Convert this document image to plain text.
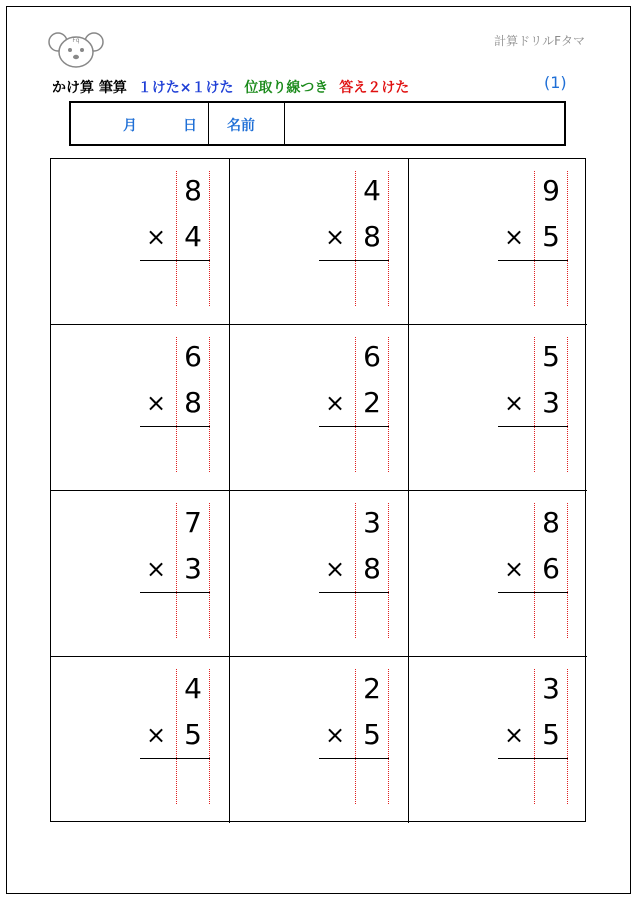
Fq	計算ドリルFタマ
かけ算 筆算 １けた×１けた 位取り線つき 答え２けた	(1)
月	日 名前
8
× 4
4
× 8
9
× 5
6
× 8
6
× 2
5
× 3
7
× 3
3
× 8
8
× 6
4
× 5
2
× 5
3
× 5
